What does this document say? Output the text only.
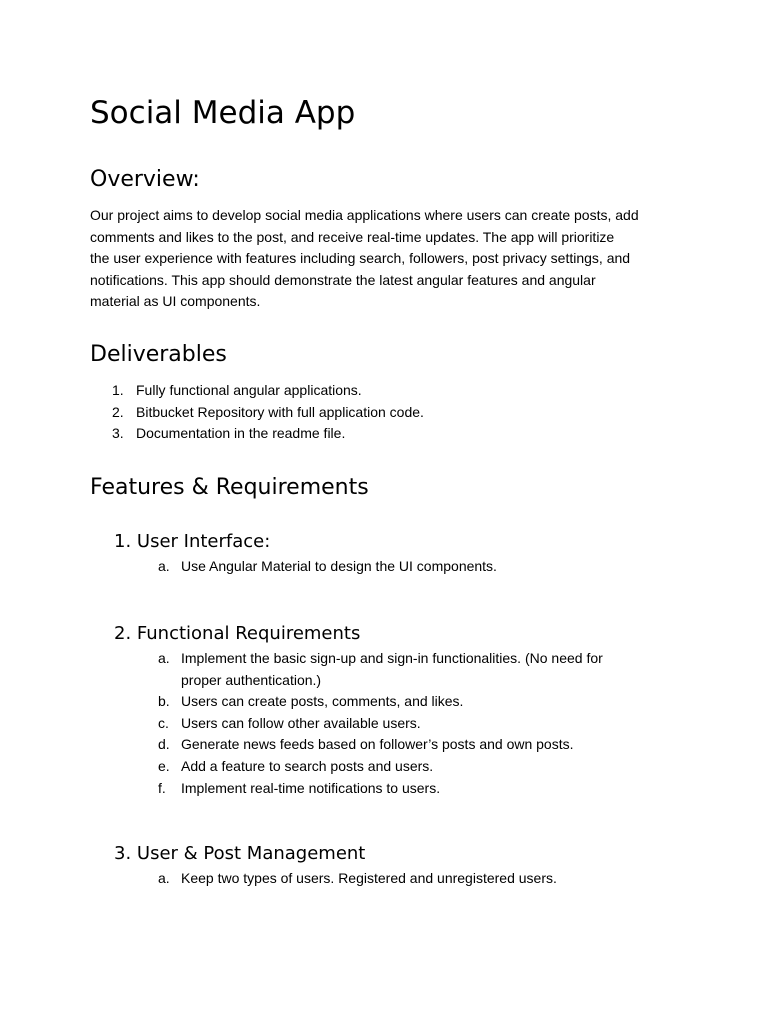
Social Media App
Overview:

Our project aims to develop social media applications where users can create posts, add
comments and likes to the post, and receive real-time updates. The app will prioritize
the user experience with features including search, followers, post privacy settings, and
notifications. This app should demonstrate the latest angular features and angular
material as UI components.

Deliverables
1. Fully functional angular applications.
2. Bitbucket Repository with full application code.
3. Documentation in the readme file.
Features & Requirements
1. User Interface:
a. Use Angular Material to design the UI components.
2. Functional Requirements
a. Implement the basic sign-up and sign-in functionalities. (No need for
proper authentication.)
b. Users can create posts, comments, and likes.
c. Users can follow other available users.
d. Generate news feeds based on follower’s posts and own posts.
e. Add a feature to search posts and users.
f.	Implement real-time notifications to users.
3. User & Post Management
a. Keep two types of users. Registered and unregistered users.
